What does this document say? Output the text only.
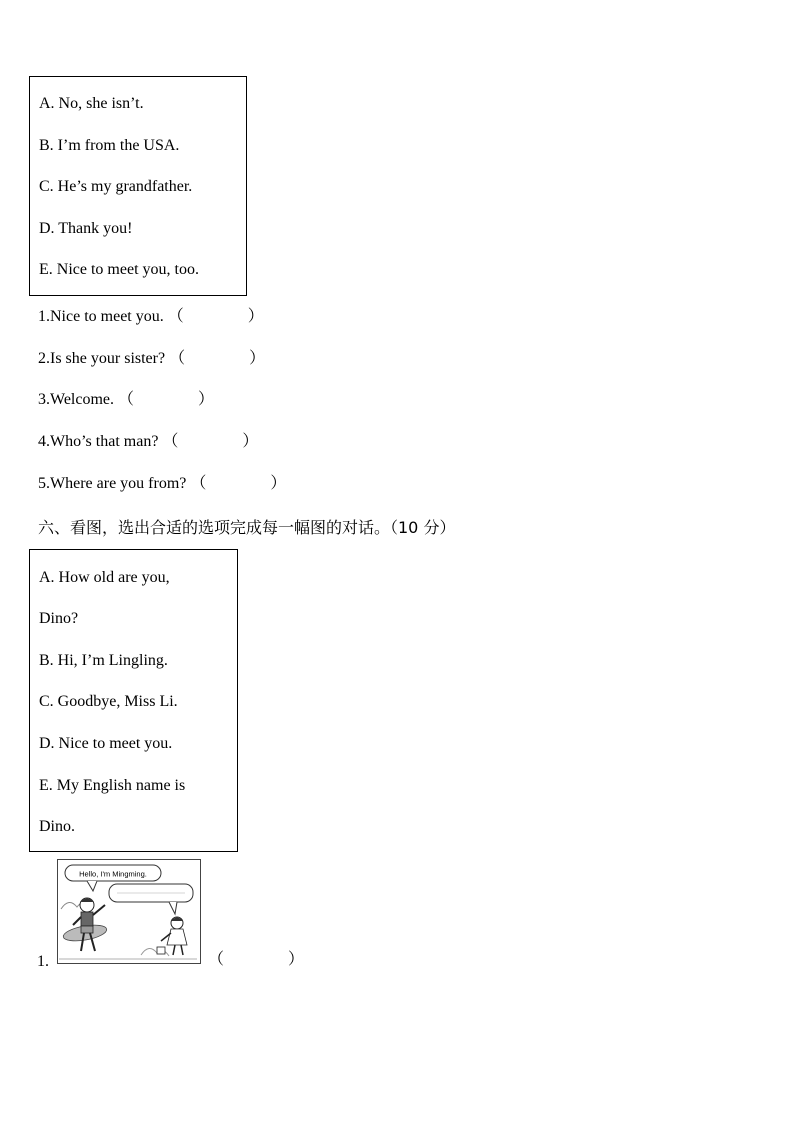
A. No, she isn’t.
B. I’m from the USA.
C. He’s my grandfather.
D. Thank you!
E. Nice to meet you, too.
1.Nice to meet you. （　　　　）
2.Is she your sister? （　　　　）
3.Welcome. （　　　　）
4.Who’s that man? （　　　　）
5.Where are you from? （　　　　）
六、看图，选出合适的选项完成每一幅图的对话。（10 分）
A. How old are you,
Dino?
B. Hi, I’m Lingling.
C. Goodbye, Miss Li.
D. Nice to meet you.
E. My English name is
Dino.
1.
Hello, I'm Mingming.
（　　　　）
